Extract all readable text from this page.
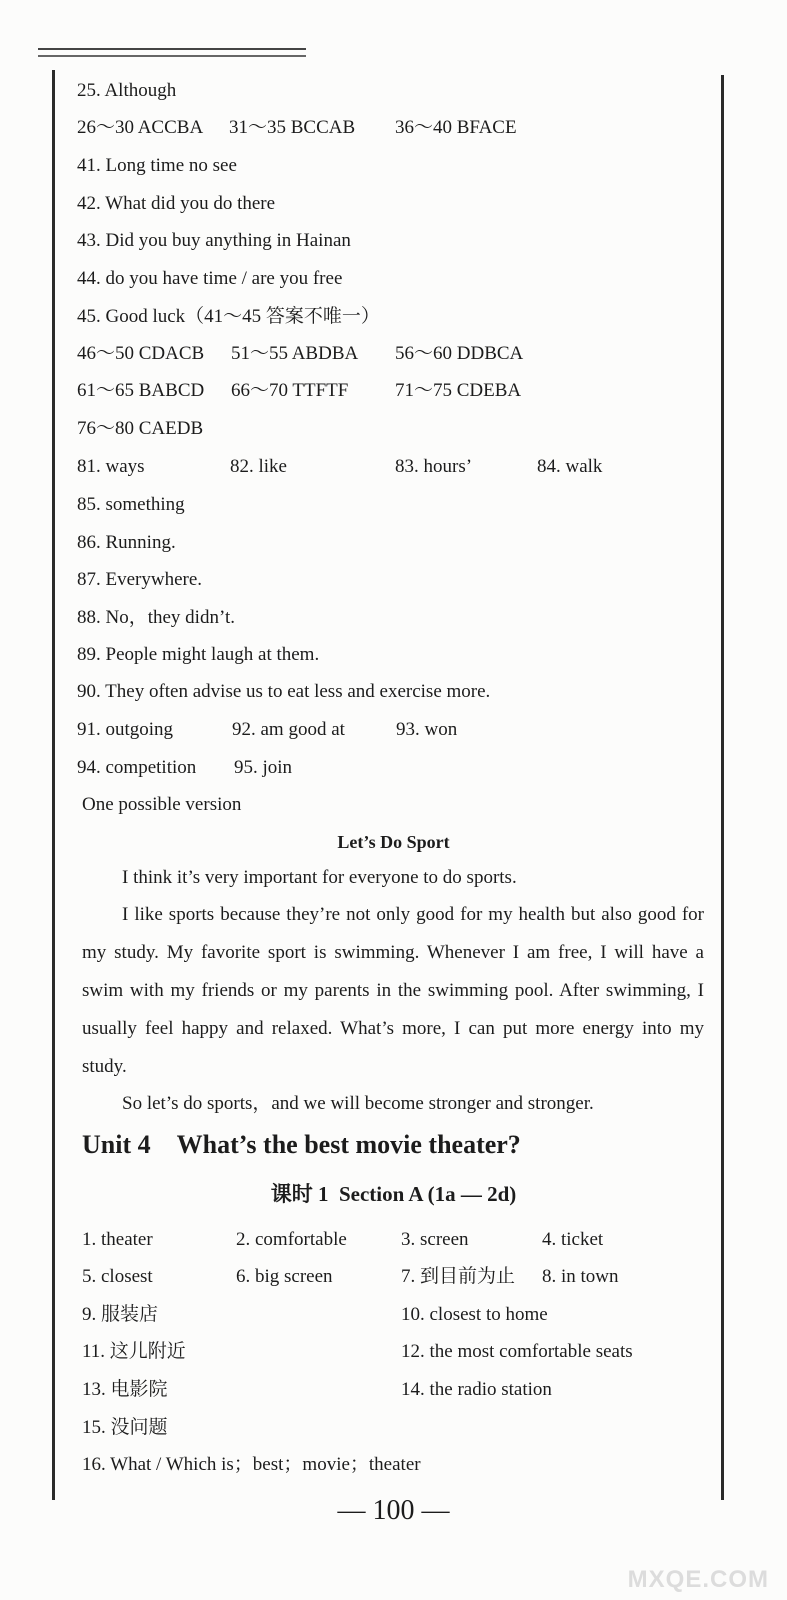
25. Although
26～30 ACCBA 31～35 BCCAB 36～40 BFACE
41. Long time no see
42. What did you do there
43. Did you buy anything in Hainan
44. do you have time / are you free
45. Good luck（41～45 答案不唯一）
46～50 CDACB 51～55 ABDBA 56～60 DDBCA
61～65 BABCD 66～70 TTFTF 71～75 CDEBA
76～80 CAEDB
81. ways	82. like	83. hours’	84. walk
85. something
86. Running.
87. Everywhere.
88. No，they didn’t.
89. People might laugh at them.
90. They often advise us to eat less and exercise more.
91. outgoing	92. am good at	93. won
94. competition 95. join
One possible version
Let’s Do Sport
I think it’s very important for everyone to do sports.
I like sports because they’re not only good for my health but also good for my study. My favorite sport is swimming. Whenever I am free, I will have a swim with my friends or my parents in the swimming pool. After swimming, I usually feel happy and relaxed. What’s more, I can put more energy into my study.
So let’s do sports，and we will become stronger and stronger.
Unit 4 What’s the best movie theater?
课时 1 Section A (1a — 2d)
1. theater	2. comfortable	3. screen	4. ticket
5. closest	6. big screen	7. 到目前为止 8. in town
9. 服装店	10. closest to home
11. 这儿附近	12. the most comfortable seats
13. 电影院	14. the radio station
15. 没问题
16. What / Which is；best；movie；theater
— 100 —
MXQE.COM
